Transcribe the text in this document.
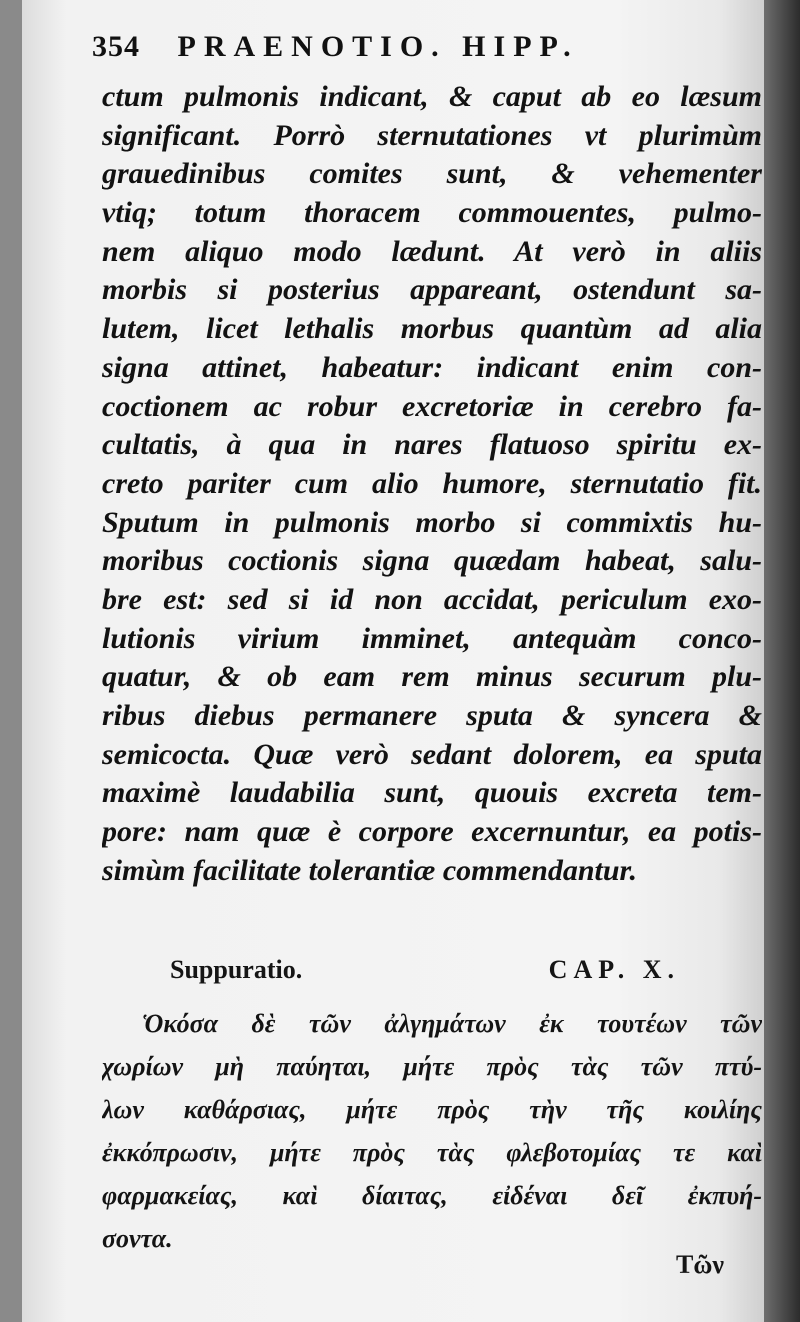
354 PRAENOTIO. HIPP.
ctum pulmonis indicant, & caput ab eo læsum
significant. Porrò sternutationes vt plurimùm
grauedinibus comites sunt, & vehementer
vtiq; totum thoracem commouentes, pulmo-
nem aliquo modo lædunt. At verò in aliis
morbis si posterius appareant, ostendunt sa-
lutem, licet lethalis morbus quantùm ad alia
signa attinet, habeatur: indicant enim con-
coctionem ac robur excretoriæ in cerebro fa-
cultatis, à qua in nares flatuoso spiritu ex-
creto pariter cum alio humore, sternutatio fit.
Sputum in pulmonis morbo si commixtis hu-
moribus coctionis signa quædam habeat, salu-
bre est: sed si id non accidat, periculum exo-
lutionis virium imminet, antequàm conco-
quatur, & ob eam rem minus securum plu-
ribus diebus permanere sputa & syncera &
semicocta. Quæ verò sedant dolorem, ea sputa
maximè laudabilia sunt, quouis excreta tem-
pore: nam quæ è corpore excernuntur, ea potis-
simùm facilitate tolerantiæ commendantur.
Suppuratio.	CAP. X.
Ὁκόσα δὲ τῶν ἀλγημάτων ἐκ τουτέων τῶν
χωρίων μὴ παύηται, μήτε πρὸς τὰς τῶν πτύ-
λων καθάρσιας, μήτε πρὸς τὴν τῆς κοιλίης
ἐκκόπρωσιν, μήτε πρὸς τὰς φλεβοτομίας τε καὶ
φαρμακείας, καὶ δίαιτας, εἰδέναι δεῖ ἐκπυή-
σοντα.
Τῶν
